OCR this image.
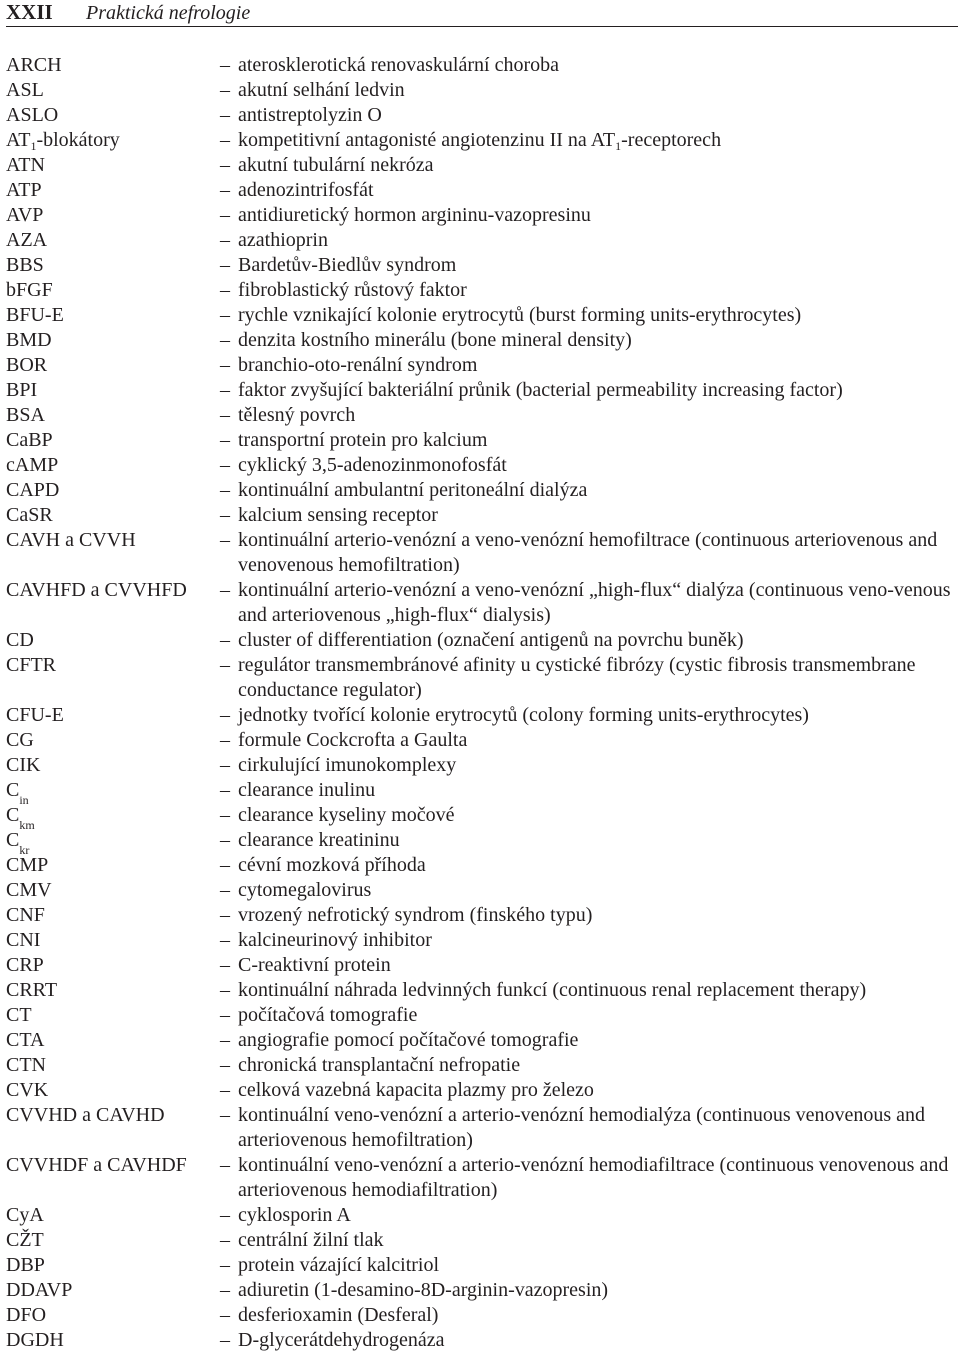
XXII Praktická nefrologie
ARCH	– aterosklerotická renovaskulární choroba
ASL	– akutní selhání ledvin
ASLO	– antistreptolyzin O
$AT_1$-blokátory	– kompetitivní antagonisté angiotenzinu II na $AT_1$-receptorech
ATN	– akutní tubulární nekróza
ATP	– adenozintrifosfát
AVP	– antidiuretický hormon argininu-vazopresinu
AZA	– azathioprin
BBS	– Bardetův-Biedlův syndrom
bFGF	– fibroblastický růstový faktor
BFU-E	– rychle vznikající kolonie erytrocytů (burst forming units-erythrocytes)
BMD	– denzita kostního minerálu (bone mineral density)
BOR	– branchio-oto-renální syndrom
BPI	– faktor zvyšující bakteriální průnik (bacterial permeability increasing factor)
BSA	– tělesný povrch
CaBP	– transportní protein pro kalcium
cAMP	– cyklický 3,5-adenozinmonofosfát
CAPD	– kontinuální ambulantní peritoneální dialýza
CaSR	– kalcium sensing receptor
CAVH a CVVH	– kontinuální arterio-venózní a veno-venózní hemofiltrace (continuous arteriovenous and venovenous hemofiltration)
CAVHFD a CVVHFD	– kontinuální arterio-venózní a veno-venózní „high-flux“ dialýza (continuous veno-venous and arteriovenous „high-flux“ dialysis)
CD	– cluster of differentiation (označení antigenů na povrchu buněk)
CFTR	– regulátor transmembránové afinity u cystické fibrózy (cystic fibrosis transmembrane conductance regulator)
CFU-E	– jednotky tvořící kolonie erytrocytů (colony forming units-erythrocytes)
CG	– formule Cockcrofta a Gaulta
CIK	– cirkulující imunokomplexy
$C_{in}$	– clearance inulinu
$C_{km}$	– clearance kyseliny močové
$C_{kr}$	– clearance kreatininu
CMP	– cévní mozková příhoda
CMV	– cytomegalovirus
CNF	– vrozený nefrotický syndrom (finského typu)
CNI	– kalcineurinový inhibitor
CRP	– C-reaktivní protein
CRRT	– kontinuální náhrada ledvinných funkcí (continuous renal replacement therapy)
CT	– počítačová tomografie
CTA	– angiografie pomocí počítačové tomografie
CTN	– chronická transplantační nefropatie
CVK	– celková vazebná kapacita plazmy pro železo
CVVHD a CAVHD	– kontinuální veno-venózní a arterio-venózní hemodialýza (continuous venovenous and arteriovenous hemofiltration)
CVVHDF a CAVHDF	– kontinuální veno-venózní a arterio-venózní hemodiafiltrace (continuous venovenous and arteriovenous hemodiafiltration)
CyA	– cyklosporin A
CŽT	– centrální žilní tlak
DBP	– protein vázající kalcitriol
DDAVP	– adiuretin (1-desamino-8D-arginin-vazopresin)
DFO	– desferioxamin (Desferal)
DGDH	– D-glycerátdehydrogenáza
